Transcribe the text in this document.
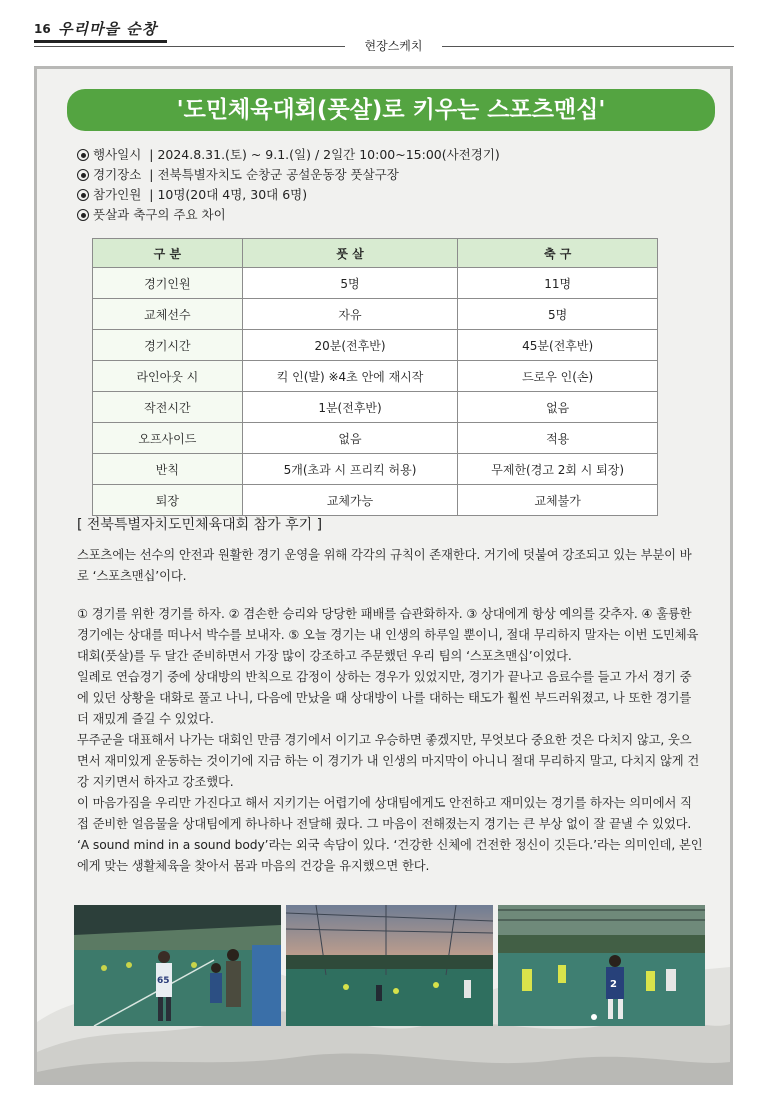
16 우리마을 순창
현장스케치
'도민체육대회(풋살)로 키우는 스포츠맨십'
행사일시  | 2024.8.31.(토) ~ 9.1.(일) / 2일간 10:00~15:00(사전경기)
경기장소  | 전북특별자치도 순창군 공설운동장 풋살구장
참가인원  | 10명(20대 4명, 30대 6명)
풋살과 축구의 주요 차이
구 분	풋 살	축 구
경기인원	5명	11명
교체선수	자유	5명
경기시간	20분(전후반)	45분(전후반)
라인아웃 시	킥 인(발) ※4초 안에 재시작	드로우 인(손)
작전시간	1분(전후반)	없음
오프사이드	없음	적용
반칙	5개(초과 시 프리킥 허용)	무제한(경고 2회 시 퇴장)
퇴장	교체가능	교체불가
[ 전북특별자치도민체육대회 참가 후기 ]

스포츠에는 선수의 안전과 원활한 경기 운영을 위해 각각의 규칙이 존재한다. 거기에 덧붙여 강조되고 있는 부분이 바로 ‘스포츠맨십’이다.

① 경기를 위한 경기를 하자. ② 겸손한 승리와 당당한 패배를 습관화하자. ③ 상대에게 항상 예의를 갖추자. ④ 훌륭한 경기에는 상대를 떠나서 박수를 보내자. ⑤ 오늘 경기는 내 인생의 하루일 뿐이니, 절대 무리하지 말자는 이번 도민체육대회(풋살)를 두 달간 준비하면서 가장 많이 강조하고 주문했던 우리 팀의 ‘스포츠맨십’이었다.

일례로 연습경기 중에 상대방의 반칙으로 감정이 상하는 경우가 있었지만, 경기가 끝나고 음료수를 들고 가서 경기 중에 있던 상황을 대화로 풀고 나니, 다음에 만났을 때 상대방이 나를 대하는 태도가 훨씬 부드러워졌고, 나 또한 경기를 더 재밌게 즐길 수 있었다.

무주군을 대표해서 나가는 대회인 만큼 경기에서 이기고 우승하면 좋겠지만, 무엇보다 중요한 것은 다치지 않고, 웃으면서 재미있게 운동하는 것이기에 지금 하는 이 경기가 내 인생의 마지막이 아니니 절대 무리하지 말고, 다치지 않게 건강 지키면서 하자고 강조했다.

이 마음가짐을 우리만 가진다고 해서 지키기는 어렵기에 상대팀에게도 안전하고 재미있는 경기를 하자는 의미에서 직접 준비한 얼음물을 상대팀에게 하나하나 전달해 줬다. 그 마음이 전해졌는지 경기는 큰 부상 없이 잘 끝낼 수 있었다.

‘A sound mind in a sound body’라는 외국 속담이 있다. ‘건강한 신체에 건전한 정신이 깃든다.’라는 의미인데, 본인에게 맞는 생활체육을 찾아서 몸과 마음의 건강을 유지했으면 한다.

65	2
